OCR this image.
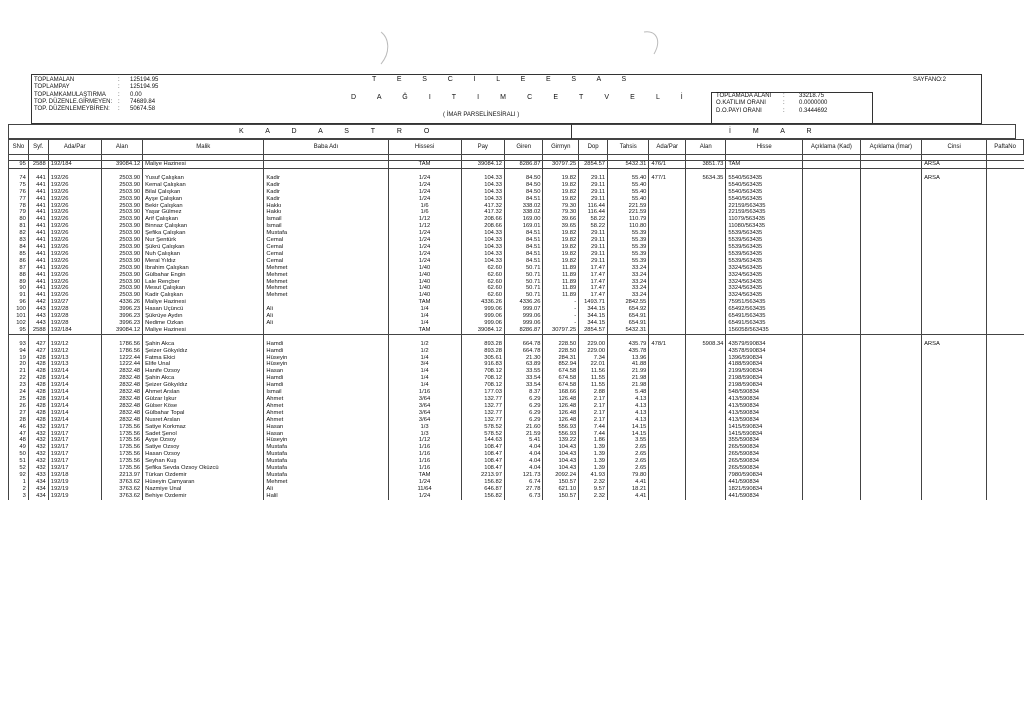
TOPLAMALAN	:	125194.95
TOPLAMPAY	:	125194.95
TOPLAMKAMULAŞTIRMA	:	0.00
TOP. DÜZENLE.GİRMEYEN: :	74689.84
TOP. DÜZENLEMEYBİREN:	:	50674.58
T E S C İ L E E S A S
D A Ğ I T I M C E T V E L İ
( İMAR PARSELİNESİRALI )
TOPLAMADA ALANI	:	33218.75
O.KATILIM ORANI	:	0.0000000
D.O.PAYI ORANI	:	0.3444692
SAYFANO:2
K A D A S T R O	İ M A R
SNo	Syf.	Ada/Par	Alan	Malik	Baba Adı	Hissesi	Pay	Giren	Girmyn	Dop	Tahsis	Ada/Par	Alan	Hisse	Açıklama (Kad)	Açıklama (İmar)	Cinsi	PaftaNo

95	2588	192/184	39084.12	Maliye Hazinesi		TAM	39084.12	8286.87	30797.25	2854.57	5432.31	476/1	3851.73	TAM			ARSA	

74	441	192/26	2503.90	Yusuf Çalışkan	Kadir	1/24	104.33	84.50	19.82	29.11	55.40	477/1	5634.35	5540/563435			ARSA	
75	441	192/26	2503.90	Kemal Çalışkan	Kadir	1/24	104.33	84.50	19.82	29.11	55.40			5540/563435				
76	441	192/26	2503.90	Bilal Çalışkan	Kadir	1/24	104.33	84.50	19.82	29.11	55.40			5540/563435				
77	441	192/26	2503.90	Ayşe Çalışkan	Kadir	1/24	104.33	84.51	19.82	29.11	55.40			5540/563435				
78	441	192/26	2503.90	Bekir Çalışkan	Hakkı	1/6	417.32	338.02	79.30	116.44	221.59			22159/563435				
79	441	192/26	2503.90	Yaşar Gülmez	Hakkı	1/6	417.32	338.02	79.30	116.44	221.59			22159/563435				
80	441	192/26	2503.90	Arif Çalışkan	İsmail	1/12	208.66	169.00	39.66	58.22	110.79			11079/563435				
81	441	192/26	2503.90	Binnaz Çalışkan	İsmail	1/12	208.66	169.01	39.65	58.22	110.80			11080/563435				
82	441	192/26	2503.90	Şefika Çalışkan	Mustafa	1/24	104.33	84.51	19.82	29.11	55.39			5539/563435				
83	441	192/26	2503.90	Nur Şentürk	Cemal	1/24	104.33	84.51	19.82	29.11	55.39			5539/563435				
84	441	192/26	2503.90	Şükrü Çalışkan	Cemal	1/24	104.33	84.51	19.82	29.11	55.39			5539/563435				
85	441	192/26	2503.90	Nuh Çalışkan	Cemal	1/24	104.33	84.51	19.82	29.11	55.39			5539/563435				
86	441	192/26	2503.90	Meral Yıldız	Cemal	1/24	104.33	84.51	19.82	29.11	55.39			5539/563435				
87	441	192/26	2503.90	İbrahim Çalışkan	Mehmet	1/40	62.60	50.71	11.89	17.47	33.24			3324/563435				
88	441	192/26	2503.90	Gülbahar Engin	Mehmet	1/40	62.60	50.71	11.89	17.47	33.24			3324/563435				
89	441	192/26	2503.90	Lale Rençber	Mehmet	1/40	62.60	50.71	11.89	17.47	33.24			3324/563435				
90	441	192/26	2503.90	Mesut Çalışkan	Mehmet	1/40	62.60	50.71	11.89	17.47	33.24			3324/563435				
91	441	192/26	2503.90	Kadir Çalışkan	Mehmet	1/40	62.60	50.71	11.89	17.47	33.24			3324/563435				
96	442	192/27	4336.26	Maliye Hazinesi		TAM	4336.26	4336.26	-	1493.71	2842.55			75951/563435				
100	443	192/28	3996.23	Hasan Üçüncü	Ali	1/4	999.06	999.07	-	344.15	654.92			65492/563435				
101	443	192/28	3996.23	Şükrüye Aydın	Ali	1/4	999.06	999.06	-	344.15	654.91			65491/563435				
102	443	192/28	3996.23	Nedime Özkan	Ali	1/4	999.06	999.06	-	344.15	654.91			65491/563435				
95	2588	192/184	39084.12	Maliye Hazinesi		TAM	39084.12	8286.87	30797.25	2854.57	5432.31			156058/563435				

93	427	192/12	1786.56	Şahin Akca	Hamdi	1/2	893.28	664.78	228.50	229.00	435.79	478/1	5908.34	43579/590834			ARSA	
94	427	192/12	1786.56	Şeizer Gökyıldız	Hamdi	1/2	893.28	664.78	228.50	229.00	435.78			43578/590834				
19	428	192/13	1222.44	Fatma Ekici	Hüseyin	1/4	305.61	21.30	284.31	7.34	13.96			1396/590834				
20	428	192/13	1222.44	Elife Ünal	Hüseyin	3/4	916.83	63.89	852.94	22.01	41.88			4188/590834				
21	428	192/14	2832.48	Hanife Özsoy	Hasan	1/4	708.12	33.55	674.58	11.56	21.99			2199/590834				
22	428	192/14	2832.48	Şahin Akca	Hamdi	1/4	708.12	33.54	674.58	11.55	21.98			2198/590834				
23	428	192/14	2832.48	Şeizer Gökyıldız	Hamdi	1/4	708.12	33.54	674.58	11.55	21.98			2198/590834				
24	428	192/14	2832.48	Ahmet Arslan	İsmail	1/16	177.03	8.37	168.66	2.88	5.48			548/590834				
25	428	192/14	2832.48	Gülzar İşkur	Ahmet	3/64	132.77	6.29	126.48	2.17	4.13			413/590834				
26	428	192/14	2832.48	Gülser Köse	Ahmet	3/64	132.77	6.29	126.48	2.17	4.13			413/590834				
27	428	192/14	2832.48	Gülbahar Topal	Ahmet	3/64	132.77	6.29	126.48	2.17	4.13			413/590834				
28	428	192/14	2832.48	Nusret Arslan	Ahmet	3/64	132.77	6.29	126.48	2.17	4.13			413/590834				
46	432	192/17	1735.56	Satiye Korkmaz	Hasan	1/3	578.52	21.60	556.93	7.44	14.15			1415/590834				
47	432	192/17	1735.56	Sadet Şenol	Hasan	1/3	578.52	21.59	556.93	7.44	14.15			1415/590834				
48	432	192/17	1735.56	Ayşe Özsoy	Hüseyin	1/12	144.63	5.41	139.22	1.86	3.55			355/590834				
49	432	192/17	1735.56	Satiye Özsoy	Mustafa	1/16	108.47	4.04	104.43	1.39	2.65			265/590834				
50	432	192/17	1735.56	Hasan Özsoy	Mustafa	1/16	108.47	4.04	104.43	1.39	2.65			265/590834				
51	432	192/17	1735.56	Seyhan Kuş	Mustafa	1/16	108.47	4.04	104.43	1.39	2.65			265/590834				
52	432	192/17	1735.56	Şefika Sevda Özsoy Öküzcü	Mustafa	1/16	108.47	4.04	104.43	1.39	2.65			265/590834				
92	433	192/18	2213.97	Türkan Özdemir	Mustafa	TAM	2213.97	121.73	2092.24	41.93	79.80			7980/590834				
1	434	192/19	3763.62	Hüseyin Çamyaran	Mehmet	1/24	156.82	6.74	150.57	2.32	4.41			441/590834				
2	434	192/19	3763.62	Nazmiye Ünal	Ali	11/64	646.87	27.78	621.10	9.57	18.21			1821/590834				
3	434	192/19	3763.62	Behiye Özdemir	Halil	1/24	156.82	6.73	150.57	2.32	4.41			441/590834				
